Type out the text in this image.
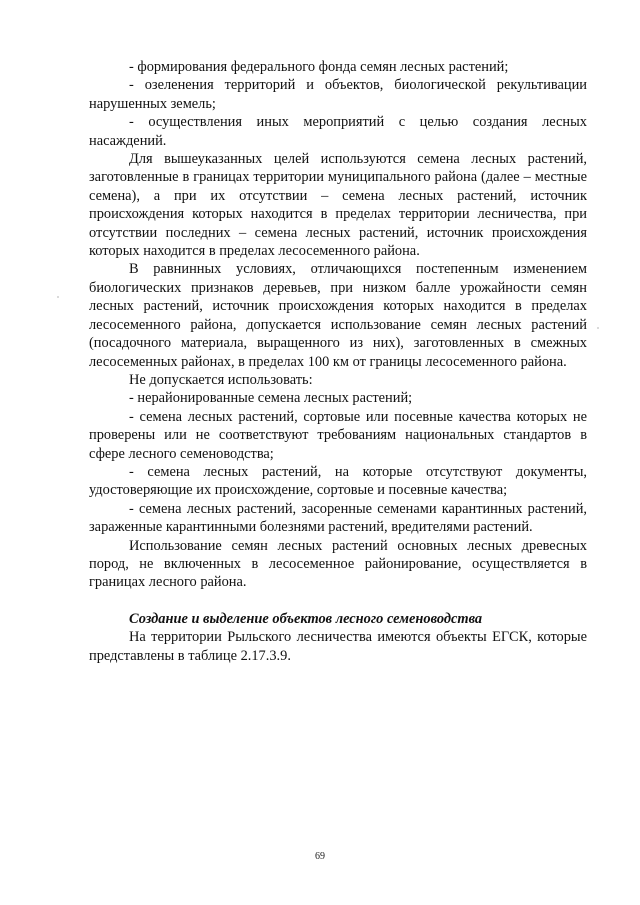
- формирования федерального фонда семян лесных растений;

- озеленения территорий и объектов, биологической рекультивации нарушенных земель;

- осуществления иных мероприятий с целью создания лесных насаждений.

Для вышеуказанных целей используются семена лесных растений, заготовленные в границах территории муниципального района (далее – местные семена), а при их отсутствии – семена лесных растений, источник происхождения которых находится в пределах территории лесничества, при отсутствии последних – семена лесных растений, источник происхождения которых находится в пределах лесосеменного района.

В равнинных условиях, отличающихся постепенным изменением биологических признаков деревьев, при низком балле урожайности семян лесных растений, источник происхождения которых находится в пределах лесосеменного района, допускается использование семян лесных растений (посадочного материала, выращенного из них), заготовленных в смежных лесосеменных районах, в пределах 100 км от границы лесосеменного района.

Не допускается использовать:

- нерайонированные семена лесных растений;

- семена лесных растений, сортовые или посевные качества которых не проверены или не соответствуют требованиям национальных стандартов в сфере лесного семеноводства;

- семена лесных растений, на которые отсутствуют документы, удостоверяющие их происхождение, сортовые и посевные качества;

- семена лесных растений, засоренные семенами карантинных растений, зараженные карантинными болезнями растений, вредителями растений.

Использование семян лесных растений основных лесных древесных пород, не включенных в лесосеменное районирование, осуществляется в границах лесного района.

Создание и выделение объектов лесного семеноводства

На территории Рыльского лесничества имеются объекты ЕГСК, которые представлены в таблице 2.17.3.9.

69
